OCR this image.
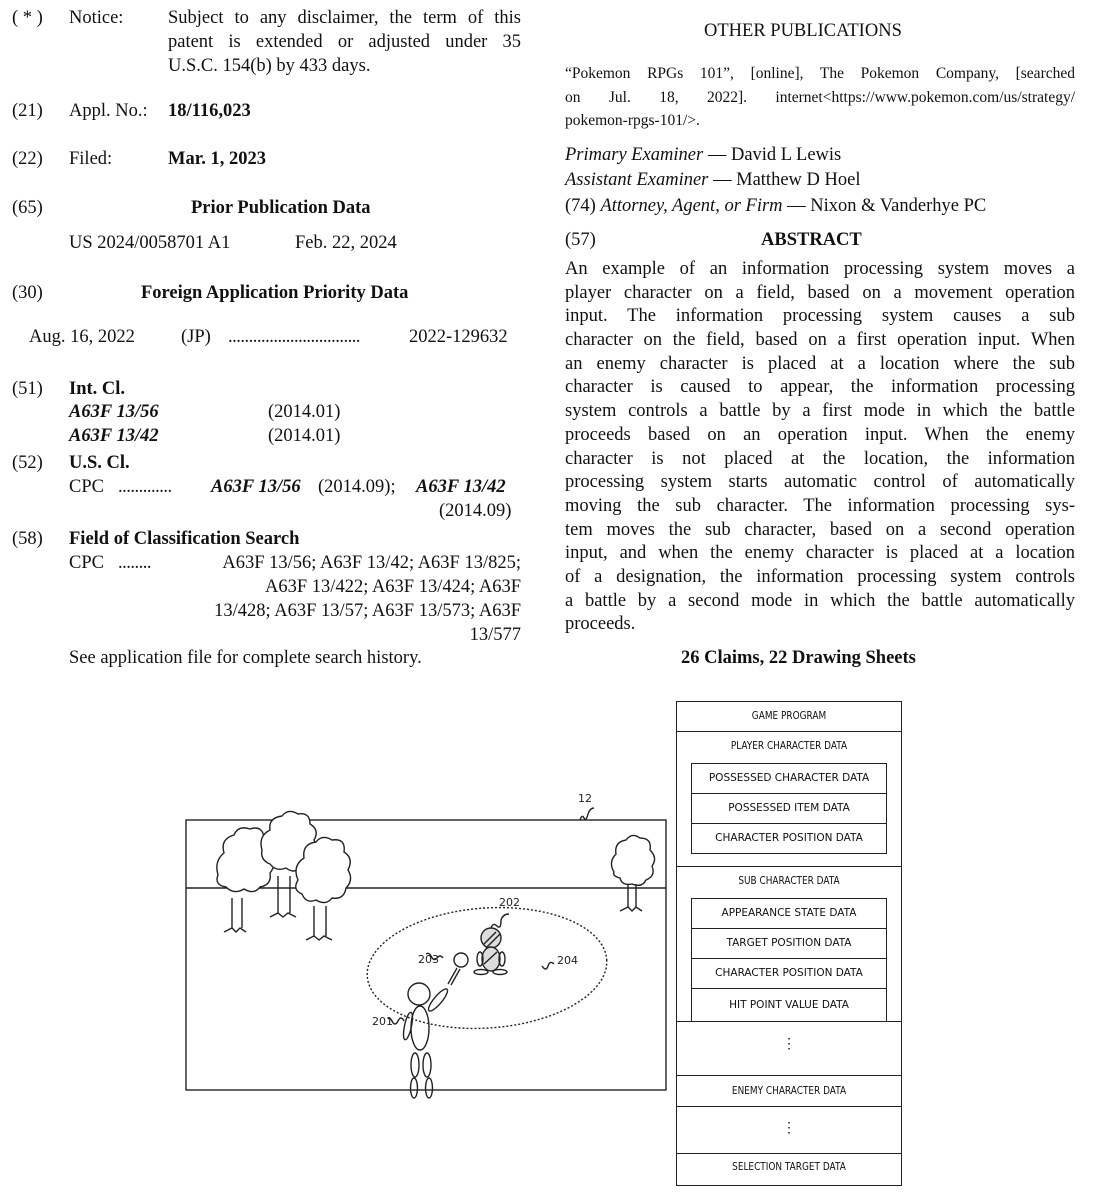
( * ) Notice: Subject to any disclaimer, the term of this
patent is extended or adjusted under 35
U.S.C. 154(b) by 433 days.
(21) Appl. No.: 18/116,023
(22) Filed:	Mar. 1, 2023
(65)	Prior Publication Data
US 2024/0058701 A1	Feb. 22, 2024
(30)	Foreign Application Priority Data
Aug. 16, 2022 (JP) ................................	2022-129632
(51) Int. Cl.
A63F 13/56	(2014.01)
A63F 13/42	(2014.01)
(52) U.S. Cl.
CPC ............. A63F 13/56 (2014.09); A63F 13/42
(2014.09)
(58) Field of Classification Search
CPC ........	A63F 13/56; A63F 13/42; A63F 13/825;
A63F 13/422; A63F 13/424; A63F
13/428; A63F 13/57; A63F 13/573; A63F
13/577
See application file for complete search history.
OTHER PUBLICATIONS
“Pokemon RPGs 101”, [online], The Pokemon Company, [searched
on Jul. 18, 2022]. internet<https://www.pokemon.com/us/strategy/
pokemon-rpgs-101/>.
Primary Examiner — David L Lewis
Assistant Examiner — Matthew D Hoel
(74) Attorney, Agent, or Firm — Nixon & Vanderhye PC
(57)	ABSTRACT
An example of an information processing system moves a
player character on a field, based on a movement operation
input. The information processing system causes a sub
character on the field, based on a first operation input. When
an enemy character is placed at a location where the sub
character is caused to appear, the information processing
system controls a battle by a first mode in which the battle
proceeds based on an operation input. When the enemy
character is not placed at the location, the information
processing system starts automatic control of automatically
moving the sub character. The information processing sys-
tem moves the sub character, based on a second operation
input, and when the enemy character is placed at a location
of a designation, the information processing system controls
a battle by a second mode in which the battle automatically
proceeds.
26 Claims, 22 Drawing Sheets
202
203	204
201
12
GAME PROGRAM
PLAYER CHARACTER DATA
POSSESSED CHARACTER DATA
POSSESSED ITEM DATA
CHARACTER POSITION DATA
SUB CHARACTER DATA
APPEARANCE STATE DATA
TARGET POSITION DATA
CHARACTER POSITION DATA
HIT POINT VALUE DATA
⋮
ENEMY CHARACTER DATA
⋮
SELECTION TARGET DATA
